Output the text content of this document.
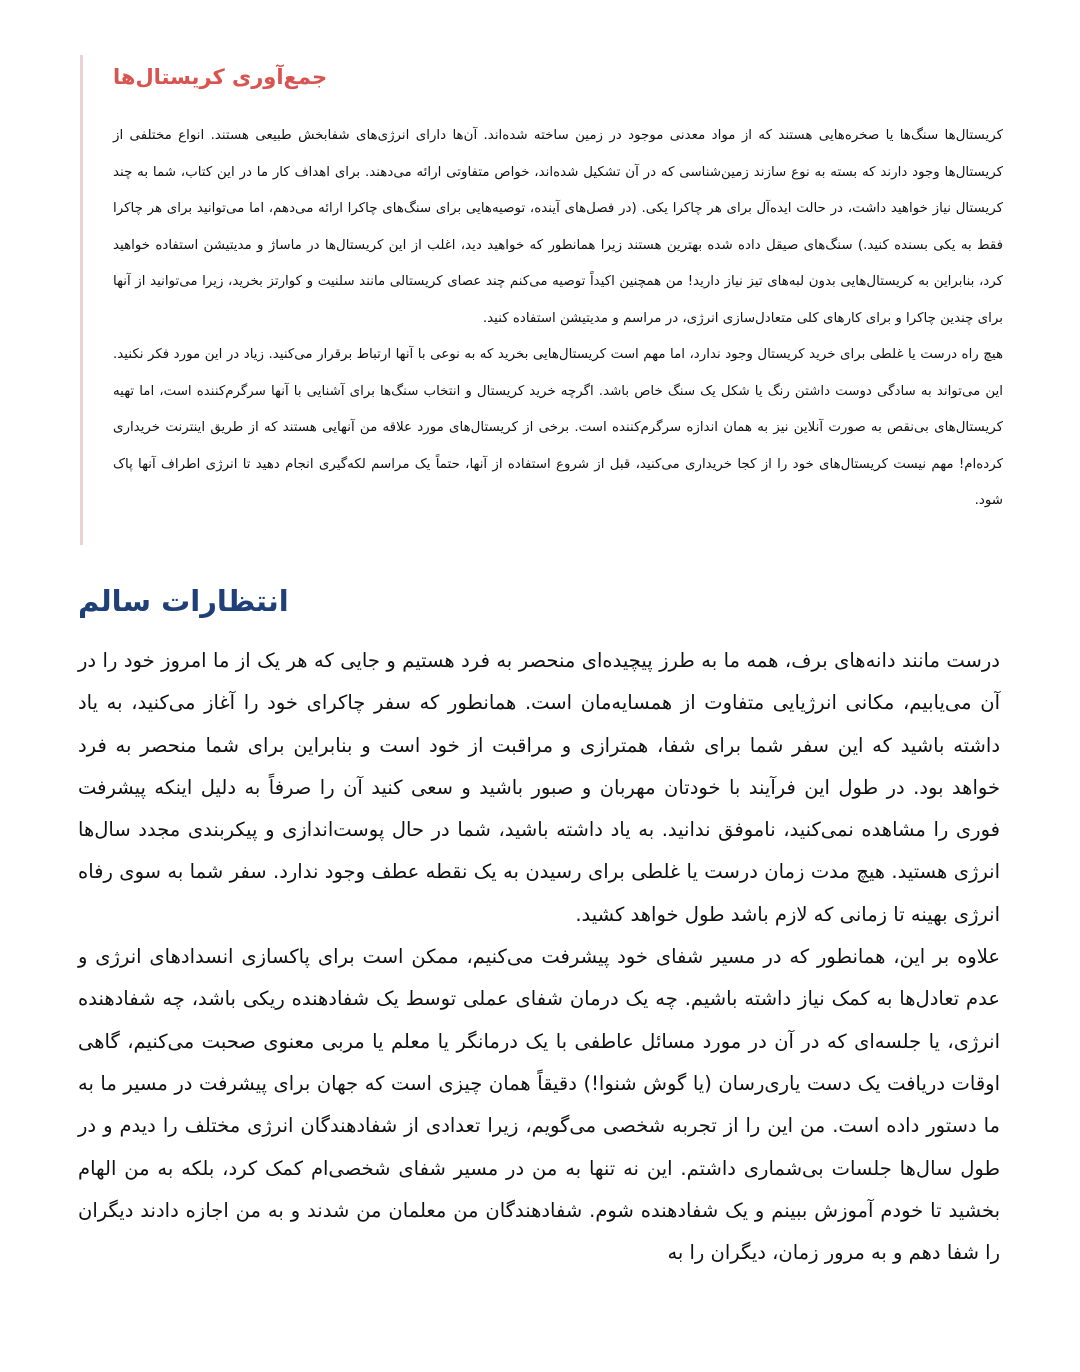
جمع‌آوری کریستال‌ها

کریستال‌ها سنگ‌ها یا صخره‌هایی هستند که از مواد معدنی موجود در زمین ساخته شده‌اند. آن‌ها دارای انرژی‌های شفابخش طبیعی هستند. انواع مختلفی از کریستال‌ها وجود دارند که بسته به نوع سازند زمین‌شناسی که در آن تشکیل شده‌اند، خواص متفاوتی ارائه می‌دهند. برای اهداف کار ما در این کتاب، شما به چند کریستال نیاز خواهید داشت، در حالت ایده‌آل برای هر چاکرا یکی. (در فصل‌های آینده، توصیه‌هایی برای سنگ‌های چاکرا ارائه می‌دهم، اما می‌توانید برای هر چاکرا فقط به یکی بسنده کنید.) سنگ‌های صیقل داده شده بهترین هستند زیرا همانطور که خواهید دید، اغلب از این کریستال‌ها در ماساژ و مدیتیشن استفاده خواهید کرد، بنابراین به کریستال‌هایی بدون لبه‌های تیز نیاز دارید! من همچنین اکیداً توصیه می‌کنم چند عصای کریستالی مانند سلنیت و کوارتز بخرید، زیرا می‌توانید از آنها برای چندین چاکرا و برای کارهای کلی متعادل‌سازی انرژی، در مراسم و مدیتیشن استفاده کنید.

هیچ راه درست یا غلطی برای خرید کریستال وجود ندارد، اما مهم است کریستال‌هایی بخرید که به نوعی با آنها ارتباط برقرار می‌کنید. زیاد در این مورد فکر نکنید. این می‌تواند به سادگی دوست داشتن رنگ یا شکل یک سنگ خاص باشد. اگرچه خرید کریستال و انتخاب سنگ‌ها برای آشنایی با آنها سرگرم‌کننده است، اما تهیه کریستال‌های بی‌نقص به صورت آنلاین نیز به همان اندازه سرگرم‌کننده است. برخی از کریستال‌های مورد علاقه من آنهایی هستند که از طریق اینترنت خریداری کرده‌ام! مهم نیست کریستال‌های خود را از کجا خریداری می‌کنید، قبل از شروع استفاده از آنها، حتماً یک مراسم لکه‌گیری انجام دهید تا انرژی اطراف آنها پاک شود.

انتظارات سالم

درست مانند دانه‌های برف، همه ما به طرز پیچیده‌ای منحصر به فرد هستیم و جایی که هر یک از ما امروز خود را در آن می‌یابیم، مکانی انرژیایی متفاوت از همسایه‌مان است. همانطور که سفر چاکرای خود را آغاز می‌کنید، به یاد داشته باشید که این سفر شما برای شفا، همترازی و مراقبت از خود است و بنابراین برای شما منحصر به فرد خواهد بود. در طول این فرآیند با خودتان مهربان و صبور باشید و سعی کنید آن را صرفاً به دلیل اینکه پیشرفت فوری را مشاهده نمی‌کنید، ناموفق ندانید. به یاد داشته باشید، شما در حال پوست‌اندازی و پیکربندی مجدد سال‌ها انرژی هستید. هیچ مدت زمان درست یا غلطی برای رسیدن به یک نقطه عطف وجود ندارد. سفر شما به سوی رفاه انرژی بهینه تا زمانی که لازم باشد طول خواهد کشید.

علاوه بر این، همانطور که در مسیر شفای خود پیشرفت می‌کنیم، ممکن است برای پاکسازی انسدادهای انرژی و عدم تعادل‌ها به کمک نیاز داشته باشیم. چه یک درمان شفای عملی توسط یک شفادهنده ریکی باشد، چه شفادهنده انرژی، یا جلسه‌ای که در آن در مورد مسائل عاطفی با یک درمانگر یا معلم یا مربی معنوی صحبت می‌کنیم، گاهی اوقات دریافت یک دست یاری‌رسان (یا گوش شنوا!) دقیقاً همان چیزی است که جهان برای پیشرفت در مسیر ما به ما دستور داده است. من این را از تجربه شخصی می‌گویم، زیرا تعدادی از شفادهندگان انرژی مختلف را دیدم و در طول سال‌ها جلسات بی‌شماری داشتم. این نه تنها به من در مسیر شفای شخصی‌ام کمک کرد، بلکه به من الهام بخشید تا خودم آموزش ببینم و یک شفادهنده شوم. شفادهندگان من معلمان من شدند و به من اجازه دادند دیگران را شفا دهم و به مرور زمان، دیگران را به
